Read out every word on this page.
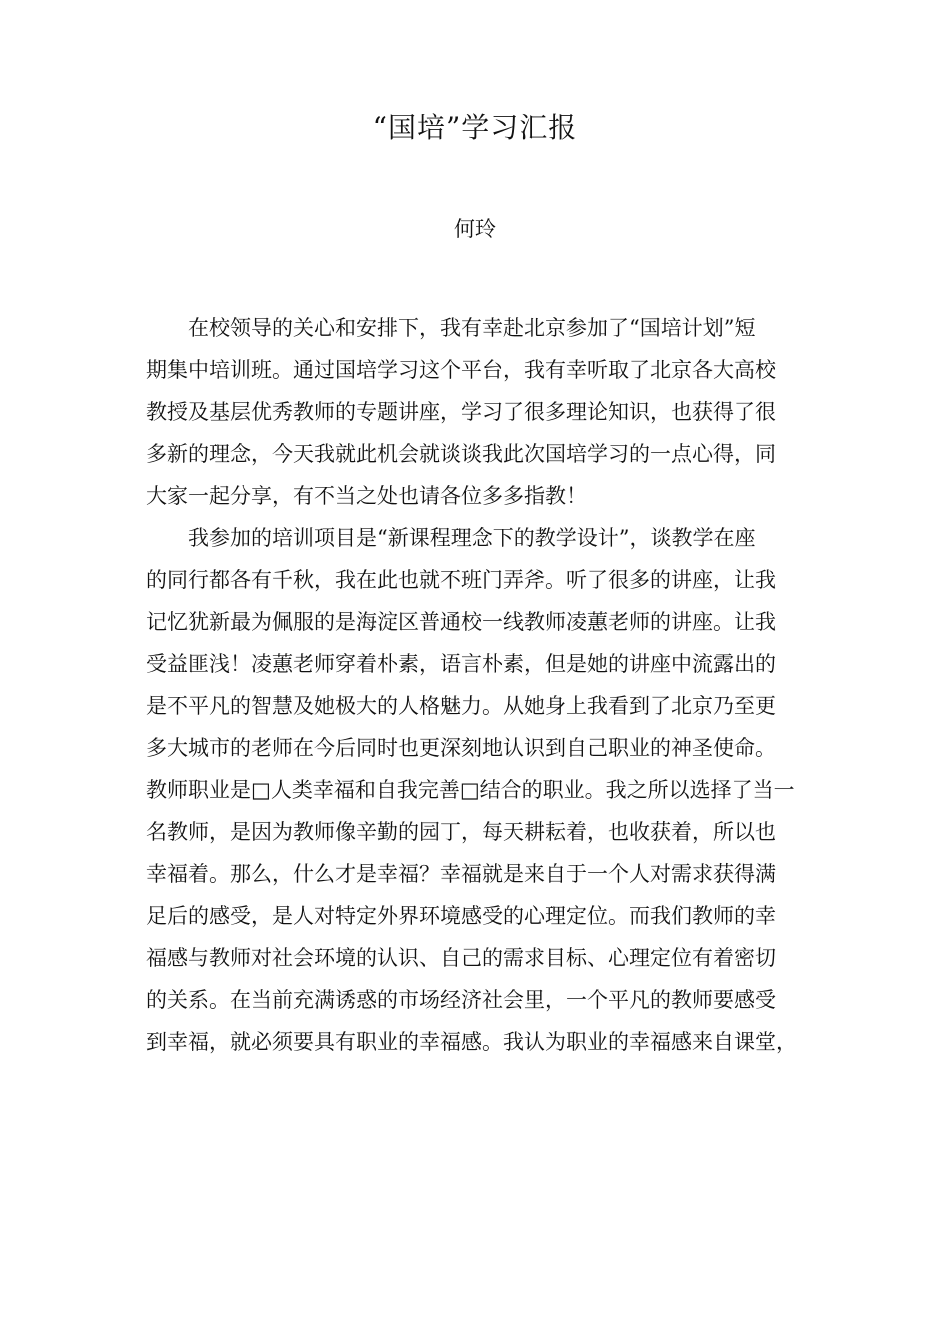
“国培”学习汇报
何玲

在校领导的关心和安排下，我有幸赴北京参加了“国培计划”短
期集中培训班。通过国培学习这个平台，我有幸听取了北京各大高校
教授及基层优秀教师的专题讲座，学习了很多理论知识，也获得了很
多新的理念，今天我就此机会就谈谈我此次国培学习的一点心得，同
大家一起分享，有不当之处也请各位多多指教！

我参加的培训项目是“新课程理念下的教学设计”，谈教学在座
的同行都各有千秋，我在此也就不班门弄斧。听了很多的讲座，让我
记忆犹新最为佩服的是海淀区普通校一线教师凌蕙老师的讲座。让我
受益匪浅！凌蕙老师穿着朴素，语言朴素，但是她的讲座中流露出的
是不平凡的智慧及她极大的人格魅力。从她身上我看到了北京乃至更
多大城市的老师在今后同时也更深刻地认识到自己职业的神圣使命。
教师职业是□人类幸福和自我完善□结合的职业。我之所以选择了当一
名教师，是因为教师像辛勤的园丁，每天耕耘着，也收获着，所以也
幸福着。那么，什么才是幸福？幸福就是来自于一个人对需求获得满
足后的感受，是人对特定外界环境感受的心理定位。而我们教师的幸
福感与教师对社会环境的认识、自己的需求目标、心理定位有着密切
的关系。在当前充满诱惑的市场经济社会里，一个平凡的教师要感受
到幸福，就必须要具有职业的幸福感。我认为职业的幸福感来自课堂，
